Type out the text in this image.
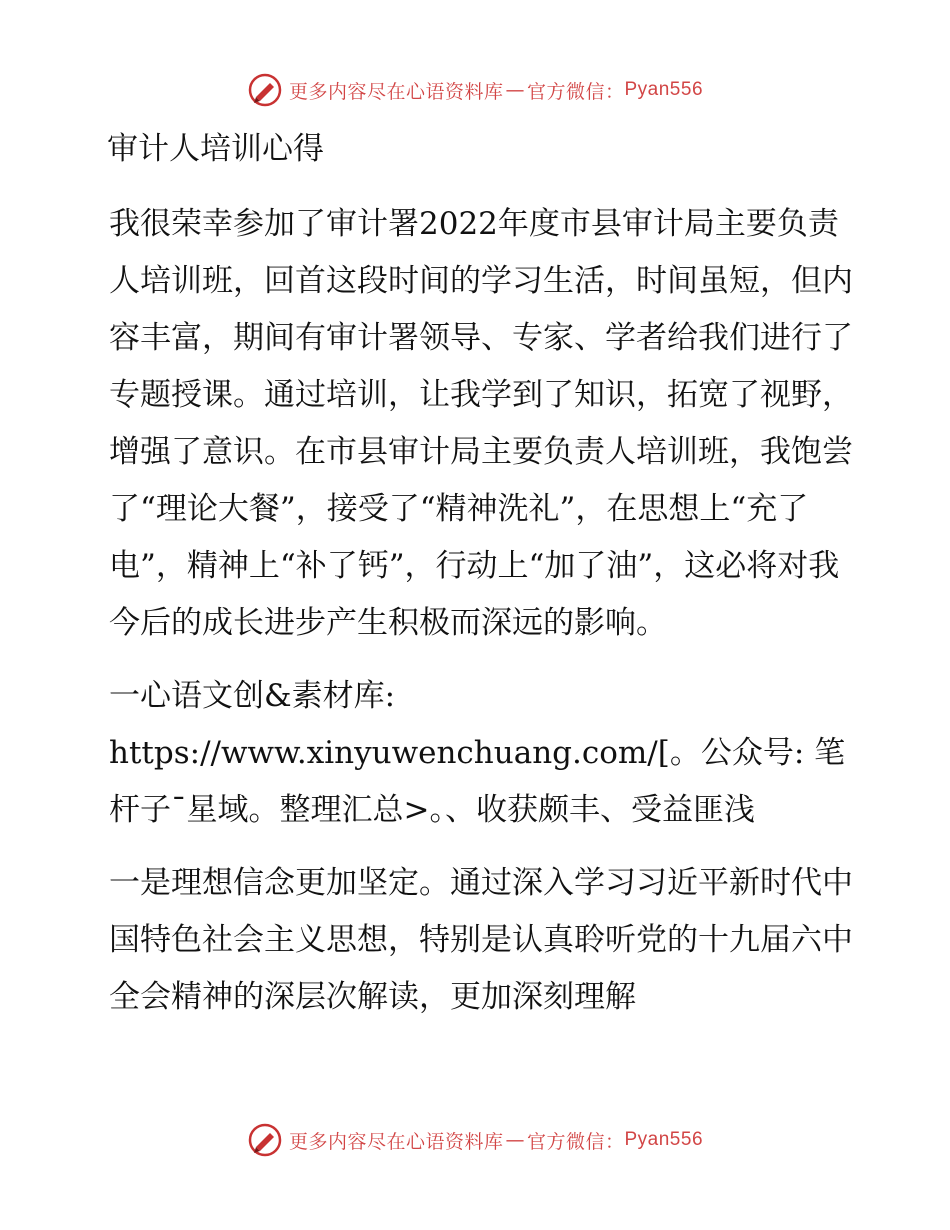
更多内容尽在心语资料库 — 官方微信： Pyan556
审计人培训心得

我很荣幸参加了审计署2022年度市县审计局主要负责人培训班，回首这段时间的学习生活，时间虽短，但内容丰富，期间有审计署领导、专家、学者给我们进行了专题授课。通过培训，让我学到了知识，拓宽了视野，增强了意识。在市县审计局主要负责人培训班，我饱尝了“理论大餐”，接受了“精神洗礼”，在思想上“充了电”，精神上“补了钙”，行动上“加了油”，这必将对我今后的成长进步产生积极而深远的影响。

一心语文创&素材库: https://www.xinyuwenchuang.com/[。公众号: 笔杆子¯星域。整理汇总>。、收获颇丰、受益匪浅

一是理想信念更加坚定。通过深入学习习近平新时代中国特色社会主义思想，特别是认真聆听党的十九届六中全会精神的深层次解读，更加深刻理解

更多内容尽在心语资料库 — 官方微信： Pyan556
